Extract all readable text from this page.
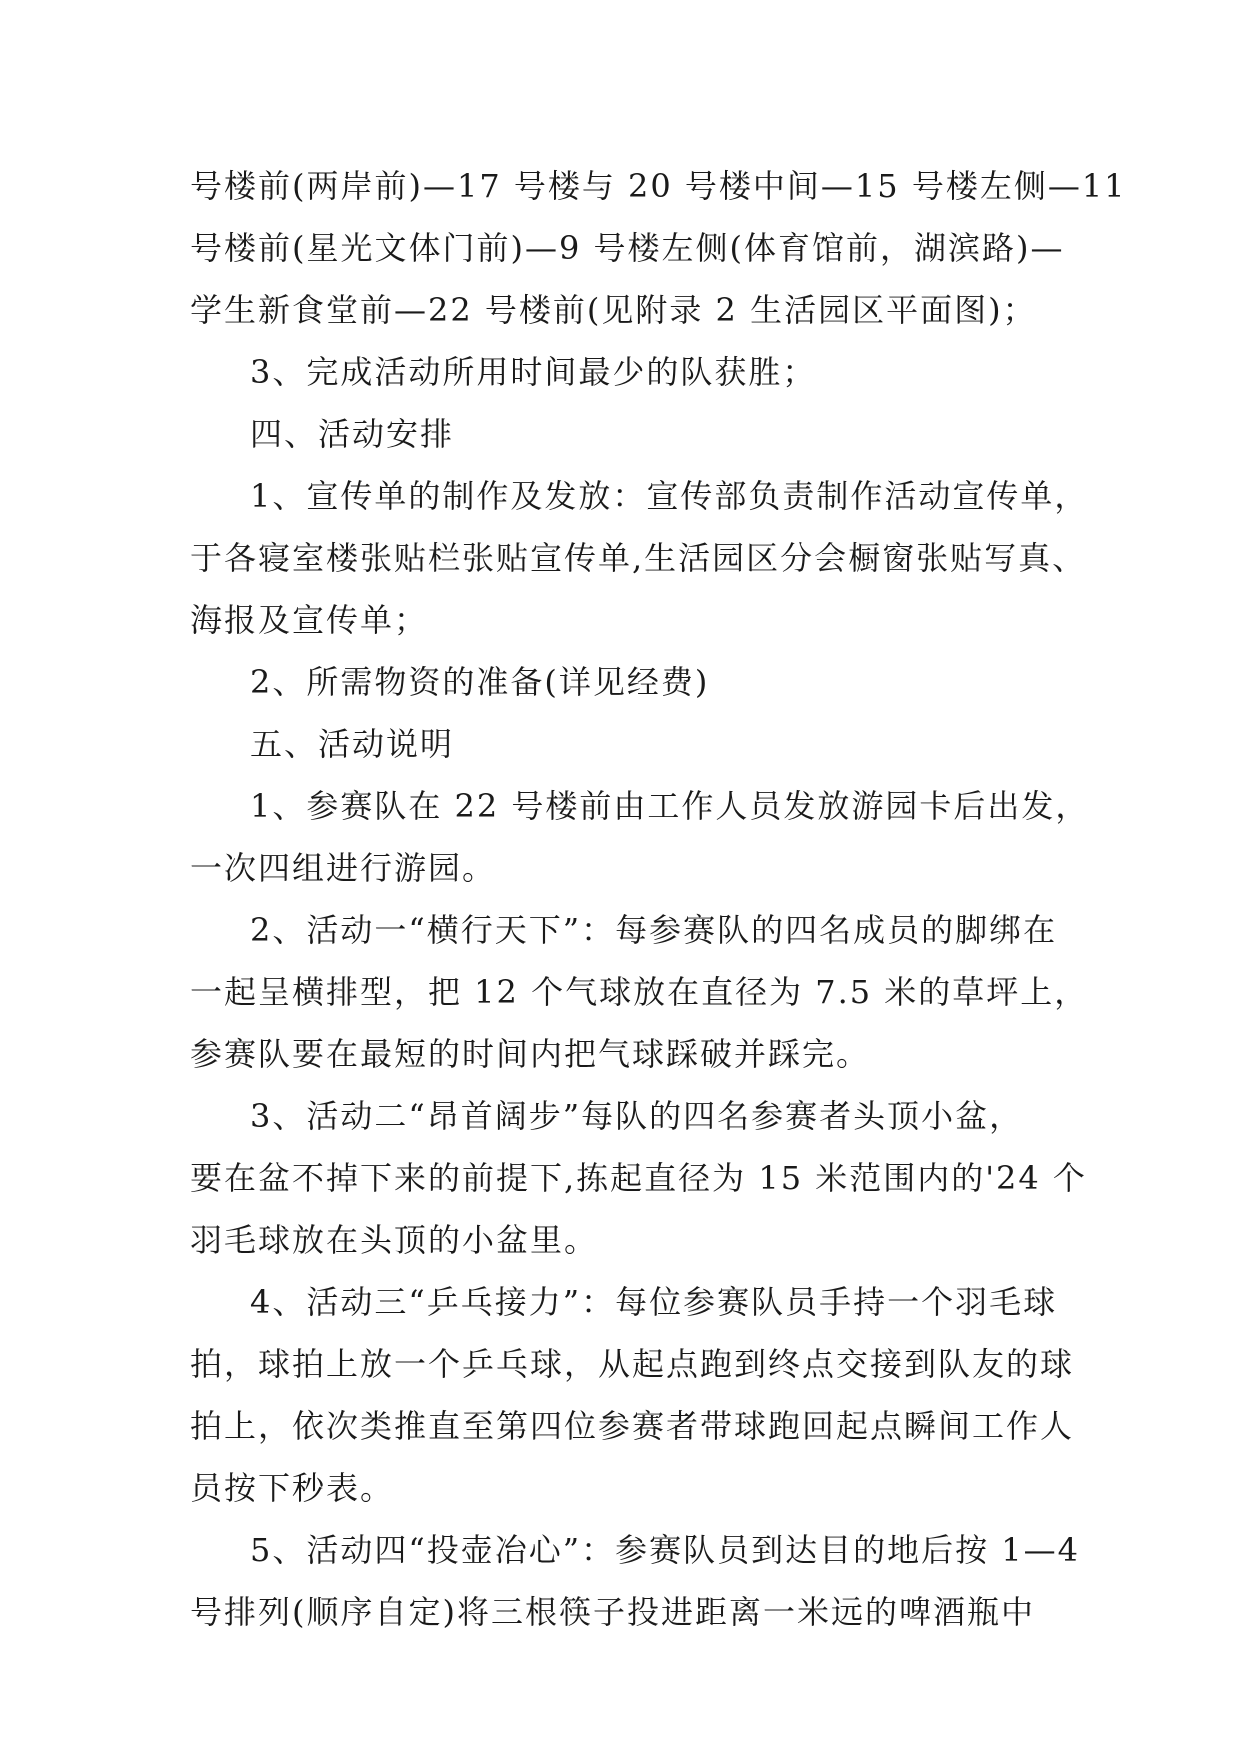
号楼前(两岸前)—17 号楼与 20 号楼中间—15 号楼左侧—11
号楼前(星光文体门前)—9 号楼左侧(体育馆前，湖滨路)—
学生新食堂前—22 号楼前(见附录 2 生活园区平面图)；
3、完成活动所用时间最少的队获胜；
四、活动安排
1、宣传单的制作及发放：宣传部负责制作活动宣传单，
于各寝室楼张贴栏张贴宣传单,生活园区分会橱窗张贴写真、
海报及宣传单；
2、所需物资的准备(详见经费)
五、活动说明
1、参赛队在 22 号楼前由工作人员发放游园卡后出发，
一次四组进行游园。
2、活动一“横行天下”：每参赛队的四名成员的脚绑在
一起呈横排型，把 12 个气球放在直径为 7.5 米的草坪上，
参赛队要在最短的时间内把气球踩破并踩完。
3、活动二“昂首阔步”每队的四名参赛者头顶小盆，
要在盆不掉下来的前提下,拣起直径为 15 米范围内的'24 个
羽毛球放在头顶的小盆里。
4、活动三“乒乓接力”：每位参赛队员手持一个羽毛球
拍，球拍上放一个乒乓球，从起点跑到终点交接到队友的球
拍上，依次类推直至第四位参赛者带球跑回起点瞬间工作人
员按下秒表。
5、活动四“投壶冶心”：参赛队员到达目的地后按 1—4
号排列(顺序自定)将三根筷子投进距离一米远的啤酒瓶中
